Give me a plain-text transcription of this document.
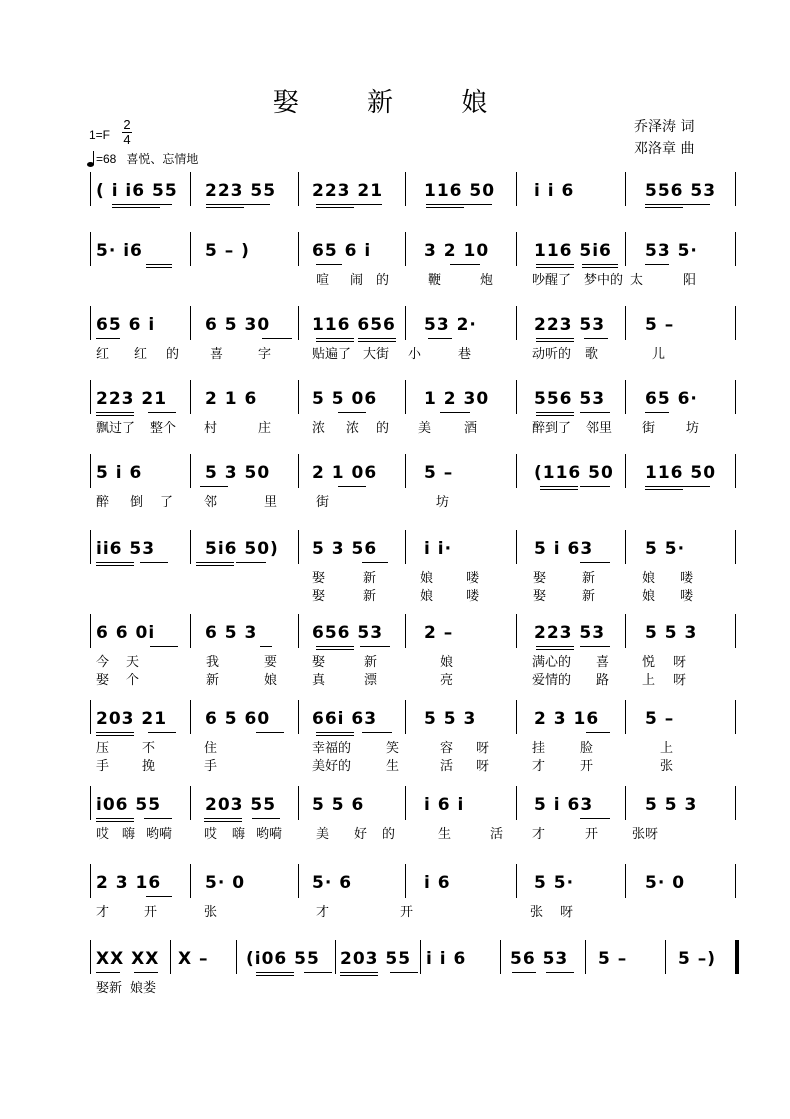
娶 新 娘
乔泽涛 词
邓洛章 曲
$1=F \frac{2}{4}$
=68 喜悦、忘情地
( i i6 55 223 55 223 21 116 50 i i 6	556 53
5· i6	5 – )	65 6 i	3 2 10	116 5i6 53 5·
喧 闹 的	鞭	炮	吵醒了 梦中的 太	阳
65 6 i	6 5 30 116 656 53 2·	223 53 5 –
红 红 的 喜	字	贴遍了 大街 小	巷	动听的 歌	儿
223 21 2 1 6	5 5 06	1 2 30	556 53 65 6·
飘过了 整个 村	庄	浓 浓 的 美	酒	醉到了 邻里 街 坊
5 i 6	5 3 50 2 1 06	5 –	(116 50 116 50
醉 倒 了 邻	里	街	坊
ii6 53	5i6 50) 5 3 56	i i·	5 i 63	5 5·
娶	新	娘	喽	娶	新	娘 喽
娶	新	娘	喽	娶	新	娘 喽
6 6 0i	6 5 3	656 53 2 –	223 53 5 5 3
今 天	我	要	娶	新	娘	满心的 喜	悦 呀
娶 个	新	娘	真	漂	亮	爱情的 路	上 呀
203 21 6 5 60 66i 63	5 5 3	2 3 16	5 –
压	不	住	幸福的	笑	容 呀	挂	脸	上
手	挽	手	美好的	生	活 呀	才	开	张
i06 55	203 55 5 5 6	i 6 i	5 i 63	5 5 3
哎 嗨 哟嗬 哎 嗨 哟嗬	美 好 的	生	活 才	开	张呀
2 3 16	5· 0	5· 6	i 6	5 5·	5· 0
才	开	张	才	开	张 呀
XX XX X – (i06 55 203 55 i i 6	56 53 5 –	5 –)
娶新 娘娄
